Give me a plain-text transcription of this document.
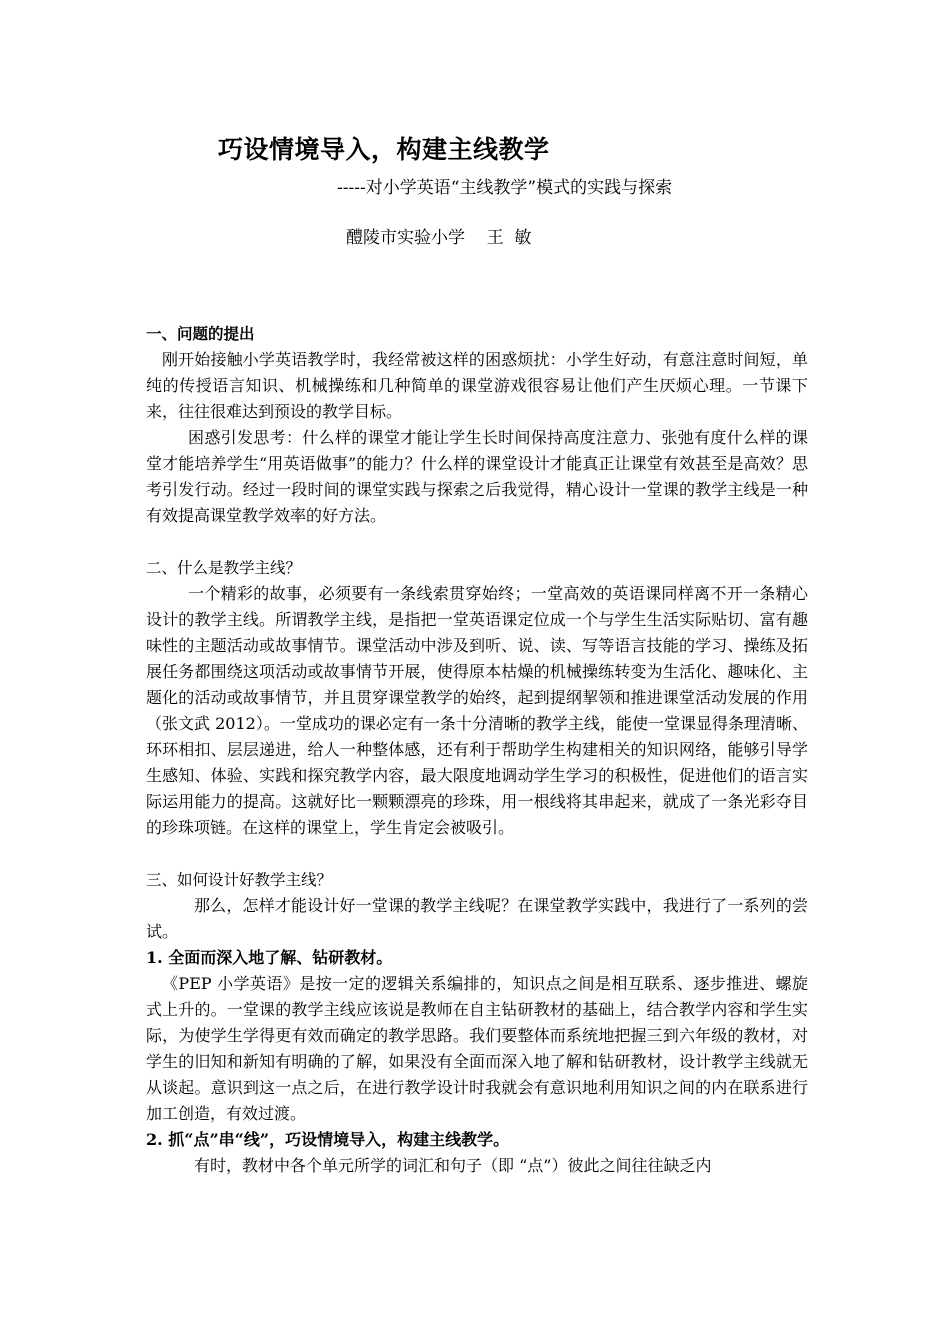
巧设情境导入，构建主线教学
-----对小学英语“主线教学”模式的实践与探索
醴陵市实验小学    王  敏

一、问题的提出

刚开始接触小学英语教学时，我经常被这样的困惑烦扰：小学生好动，有意注意时间短，单纯的传授语言知识、机械操练和几种简单的课堂游戏很容易让他们产生厌烦心理。一节课下来，往往很难达到预设的教学目标。

困惑引发思考：什么样的课堂才能让学生长时间保持高度注意力、张弛有度什么样的课堂才能培养学生“用英语做事”的能力？什么样的课堂设计才能真正让课堂有效甚至是高效？思考引发行动。经过一段时间的课堂实践与探索之后我觉得，精心设计一堂课的教学主线是一种有效提高课堂教学效率的好方法。

二、什么是教学主线？

一个精彩的故事，必须要有一条线索贯穿始终；一堂高效的英语课同样离不开一条精心设计的教学主线。所谓教学主线，是指把一堂英语课定位成一个与学生生活实际贴切、富有趣味性的主题活动或故事情节。课堂活动中涉及到听、说、读、写等语言技能的学习、操练及拓展任务都围绕这项活动或故事情节开展，使得原本枯燥的机械操练转变为生活化、趣味化、主题化的活动或故事情节，并且贯穿课堂教学的始终，起到提纲挈领和推进课堂活动发展的作用（张文武 2012）。一堂成功的课必定有一条十分清晰的教学主线，能使一堂课显得条理清晰、环环相扣、层层递进，给人一种整体感，还有利于帮助学生构建相关的知识网络，能够引导学生感知、体验、实践和探究教学内容，最大限度地调动学生学习的积极性，促进他们的语言实际运用能力的提高。这就好比一颗颗漂亮的珍珠，用一根线将其串起来，就成了一条光彩夺目的珍珠项链。在这样的课堂上，学生肯定会被吸引。

三、如何设计好教学主线？

那么，怎样才能设计好一堂课的教学主线呢？在课堂教学实践中，我进行了一系列的尝试。

1. 全面而深入地了解、钻研教材。

《PEP 小学英语》是按一定的逻辑关系编排的，知识点之间是相互联系、逐步推进、螺旋式上升的。一堂课的教学主线应该说是教师在自主钻研教材的基础上，结合教学内容和学生实际，为使学生学得更有效而确定的教学思路。我们要整体而系统地把握三到六年级的教材，对学生的旧知和新知有明确的了解，如果没有全面而深入地了解和钻研教材，设计教学主线就无从谈起。意识到这一点之后，在进行教学设计时我就会有意识地利用知识之间的内在联系进行加工创造，有效过渡。

2. 抓“点”串“线”，巧设情境导入，构建主线教学。

有时，教材中各个单元所学的词汇和句子（即 “点”）彼此之间往往缺乏内
